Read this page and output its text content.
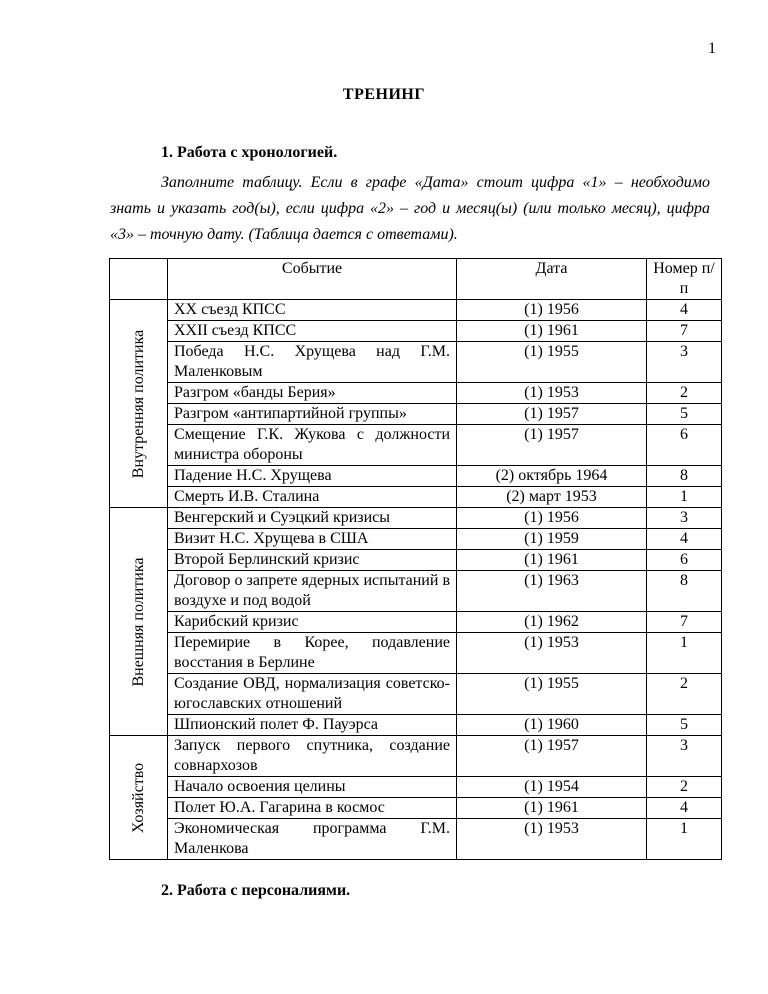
1
ТРЕНИНГ
1. Работа с хронологией.
Заполните таблицу. Если в графе «Дата» стоит цифра «1» – необходимо знать и указать год(ы), если цифра «2» – год и месяц(ы) (или только месяц), цифра «3» – точную дату. (Таблица дается с ответами).
	Событие	Дата	Номер п/п

Внутренняя политика	XX съезд КПСС	(1) 1956	4
	XXII съезд КПСС	(1) 1961	7
	Победа Н.С. Хрущева над Г.М. Маленковым	(1) 1955	3
	Разгром «банды Берия»	(1) 1953	2
	Разгром «антипартийной группы»	(1) 1957	5
	Смещение Г.К. Жукова с должности министра обороны	(1) 1957	6
	Падение Н.С. Хрущева	(2) октябрь 1964	8
	Смерть И.В. Сталина	(2) март 1953	1

Внешняя политика	Венгерский и Суэцкий кризисы	(1) 1956	3
	Визит Н.С. Хрущева в США	(1) 1959	4
	Второй Берлинский кризис	(1) 1961	6
	Договор о запрете ядерных испытаний в воздухе и под водой	(1) 1963	8
	Карибский кризис	(1) 1962	7
	Перемирие в Корее, подавление восстания в Берлине	(1) 1953	1
	Создание ОВД, нормализация советско-югославских отношений	(1) 1955	2
	Шпионский полет Ф. Пауэрса	(1) 1960	5

Хозяйство	Запуск первого спутника, создание совнархозов	(1) 1957	3
	Начало освоения целины	(1) 1954	2
	Полет Ю.А. Гагарина в космос	(1) 1961	4
	Экономическая программа Г.М. Маленкова	(1) 1953	1
2. Работа с персоналиями.
